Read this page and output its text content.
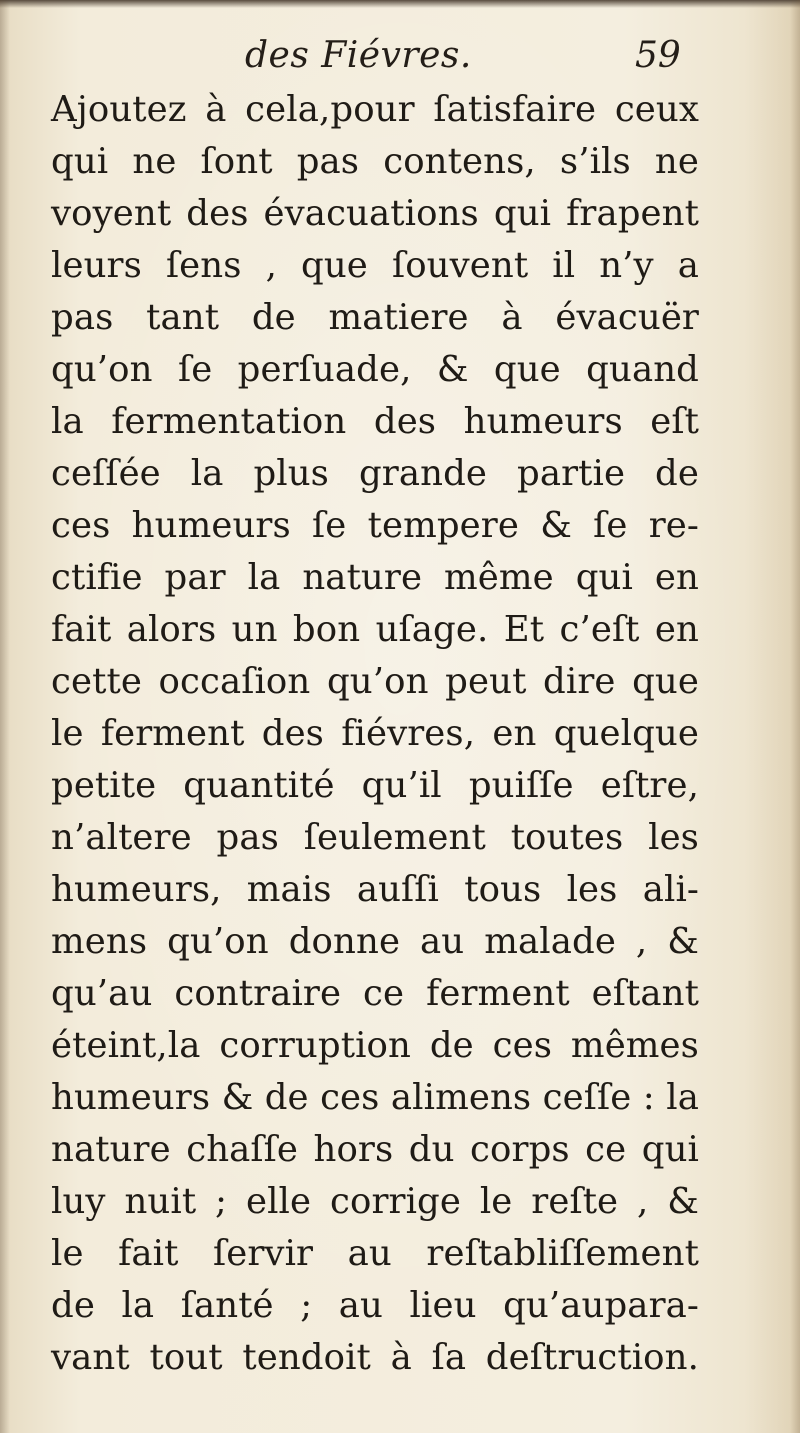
des Fiévres.	59
Ajoutez à cela,pour ſatisfaire ceux
qui ne ſont pas contens, s’ils ne
voyent des évacuations qui frapent
leurs ſens , que ſouvent il n’y a
pas tant de matiere à évacuër
qu’on ſe perſuade, & que quand
la fermentation des humeurs eſt
ceſſée la plus grande partie de
ces humeurs ſe tempere & ſe re-
ctifie par la nature même qui en
fait alors un bon uſage. Et c’eſt en
cette occaſion qu’on peut dire que
le ferment des fiévres, en quelque
petite quantité qu’il puiſſe eſtre,
n’altere pas ſeulement toutes les
humeurs, mais auſſi tous les ali-
mens qu’on donne au malade , &
qu’au contraire ce ferment eſtant
éteint,la corruption de ces mêmes
humeurs & de ces alimens ceſſe : la
nature chaſſe hors du corps ce qui
luy nuit ; elle corrige le reſte , &
le fait ſervir au reſtabliſſement
de la ſanté ; au lieu qu’aupara-
vant tout tendoit à ſa deſtruction.
